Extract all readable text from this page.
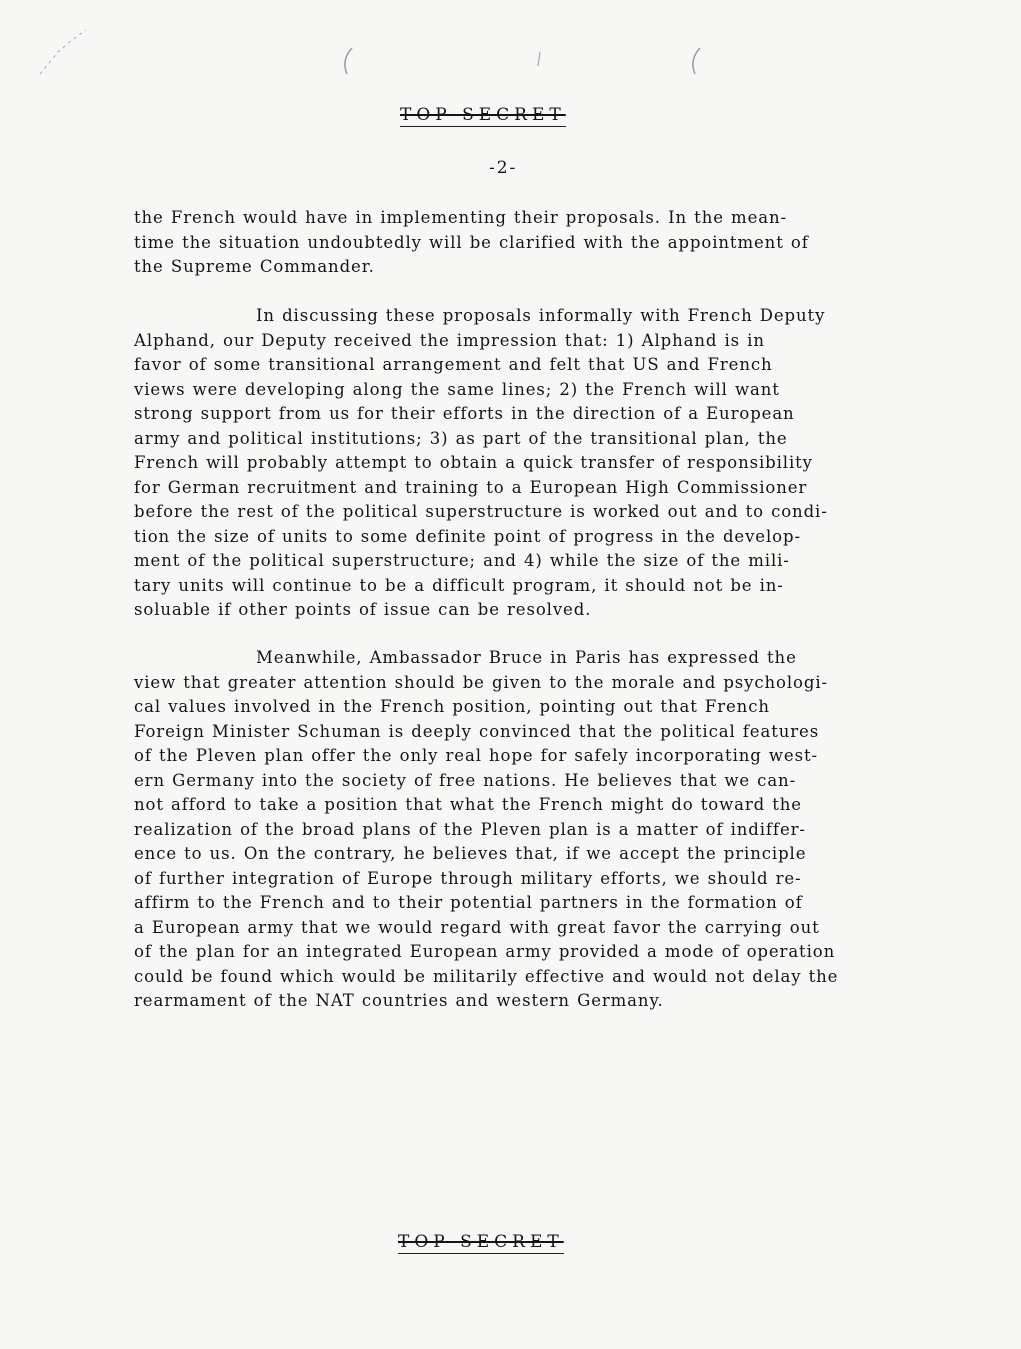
TOP SECRET
-2-
the French would have in implementing their proposals. In the mean-
time the situation undoubtedly will be clarified with the appointment of
the Supreme Commander.
In discussing these proposals informally with French Deputy
Alphand, our Deputy received the impression that: 1) Alphand is in
favor of some transitional arrangement and felt that US and French
views were developing along the same lines; 2) the French will want
strong support from us for their efforts in the direction of a European
army and political institutions; 3) as part of the transitional plan, the
French will probably attempt to obtain a quick transfer of responsibility
for German recruitment and training to a European High Commissioner
before the rest of the political superstructure is worked out and to condi-
tion the size of units to some definite point of progress in the develop-
ment of the political superstructure; and 4) while the size of the mili-
tary units will continue to be a difficult program, it should not be in-
soluable if other points of issue can be resolved.
Meanwhile, Ambassador Bruce in Paris has expressed the
view that greater attention should be given to the morale and psychologi-
cal values involved in the French position, pointing out that French
Foreign Minister Schuman is deeply convinced that the political features
of the Pleven plan offer the only real hope for safely incorporating west-
ern Germany into the society of free nations. He believes that we can-
not afford to take a position that what the French might do toward the
realization of the broad plans of the Pleven plan is a matter of indiffer-
ence to us. On the contrary, he believes that, if we accept the principle
of further integration of Europe through military efforts, we should re-
affirm to the French and to their potential partners in the formation of
a European army that we would regard with great favor the carrying out
of the plan for an integrated European army provided a mode of operation
could be found which would be militarily effective and would not delay the
rearmament of the NAT countries and western Germany.
TOP SECRET
